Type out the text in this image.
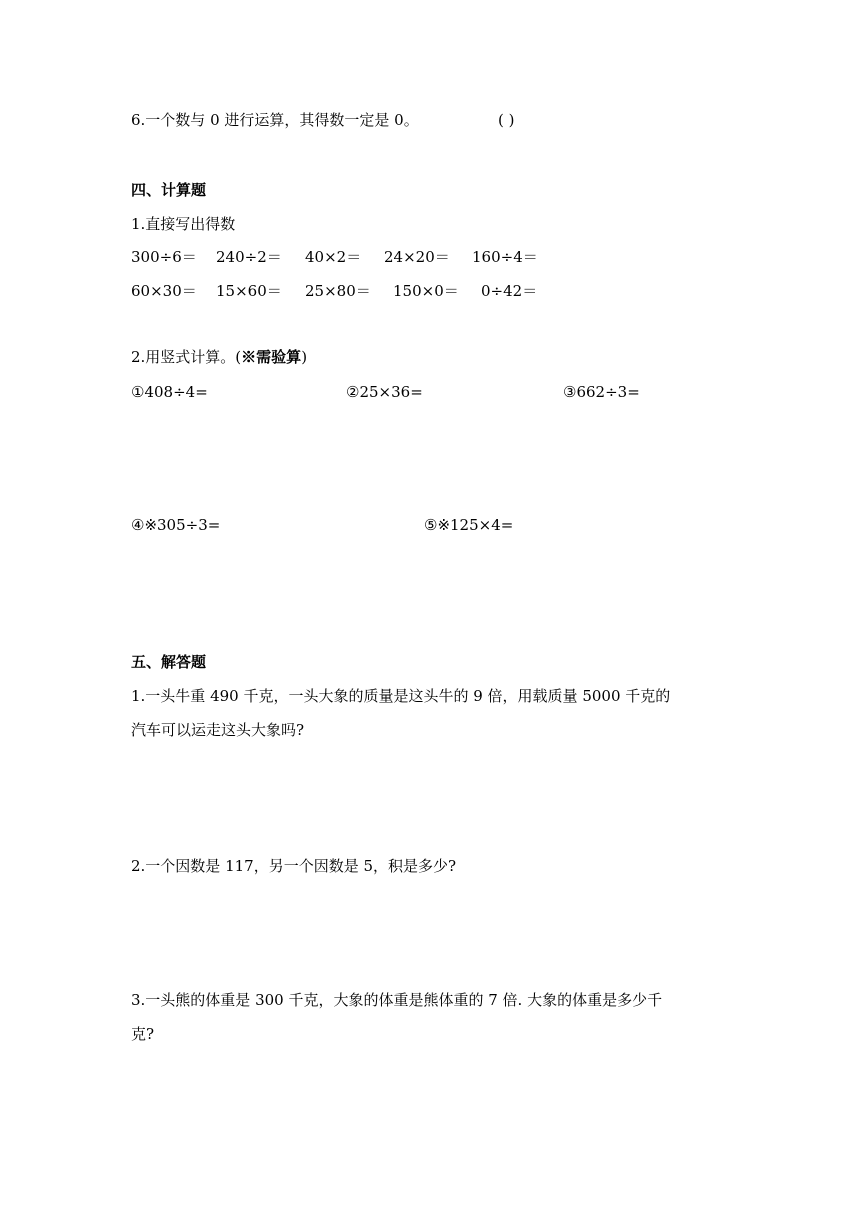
6.一个数与 0 进行运算，其得数一定是 0。	( )
四、计算题
1.直接写出得数
300÷6＝ 240÷2＝ 40×2＝ 24×20＝ 160÷4＝
60×30＝ 15×60＝ 25×80＝ 150×0＝ 0÷42＝
2.用竖式计算。(※需验算)
①408÷4=	②25×36=	③662÷3=
④※305÷3=	⑤※125×4=
五、解答题
1.一头牛重 490 千克，一头大象的质量是这头牛的 9 倍，用载质量 5000 千克的
汽车可以运走这头大象吗?
2.一个因数是 117，另一个因数是 5，积是多少?
3.一头熊的体重是 300 千克，大象的体重是熊体重的 7 倍. 大象的体重是多少千
克?
